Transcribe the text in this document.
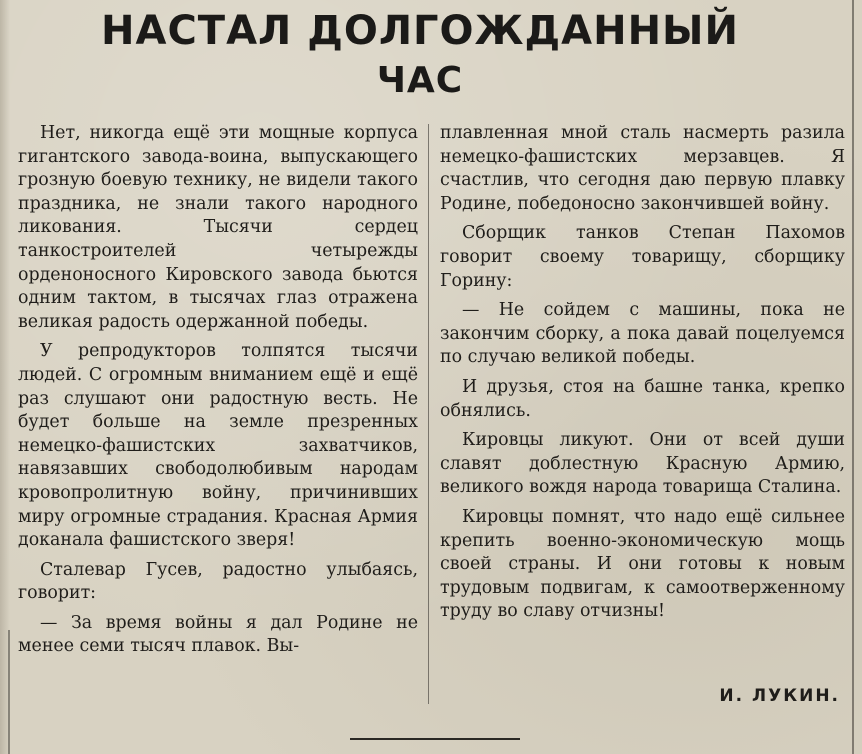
НАСТАЛ ДОЛГОЖДАННЫЙ
ЧАС

Нет, никогда ещё эти мощные корпуса гигантского завода-воина, выпускающего грозную боевую технику, не видели такого праздника, не знали такого народного ликования. Тысячи сердец танкостроителей четырежды орденоносного Кировского завода бьются одним тактом, в тысячах глаз отражена великая радость одержанной победы.

У репродукторов толпятся тысячи людей. С огромным вниманием ещё и ещё раз слушают они радостную весть. Не будет больше на земле презренных немецко-фашистских захватчиков, навязавших свободолюбивым народам кровопролитную войну, причинивших миру огромные страдания. Красная Армия доканала фашистского зверя!

Сталевар Гусев, радостно улыбаясь, говорит:

— За время войны я дал Родине не менее семи тысяч плавок. Вы-

плавленная мной сталь насмерть разила немецко-фашистских мерзавцев. Я счастлив, что сегодня даю первую плавку Родине, победоносно закончившей войну.

Сборщик танков Степан Пахомов говорит своему товарищу, сборщику Горину:

— Не сойдем с машины, пока не закончим сборку, а пока давай поцелуемся по случаю великой победы.

И друзья, стоя на башне танка, крепко обнялись.

Кировцы ликуют. Они от всей души славят доблестную Красную Армию, великого вождя народа товарища Сталина.

Кировцы помнят, что надо ещё сильнее крепить военно-экономическую мощь своей страны. И они готовы к новым трудовым подвигам, к самоотверженному труду во славу отчизны!

И. ЛУКИН.
